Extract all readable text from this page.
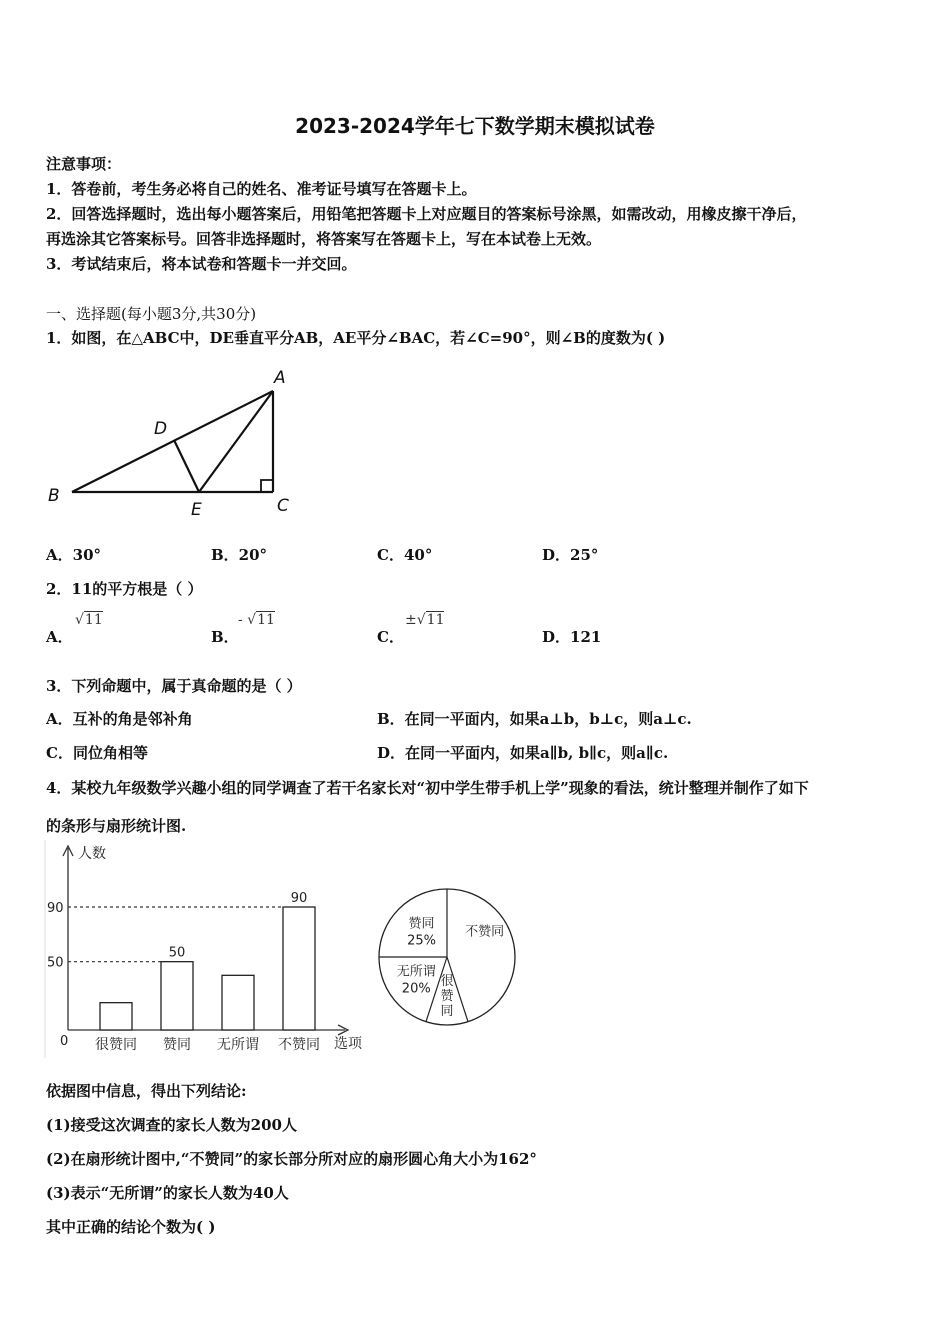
2023-2024学年七下数学期末模拟试卷
注意事项：
1．答卷前，考生务必将自己的姓名、准考证号填写在答题卡上。
2．回答选择题时，选出每小题答案后，用铅笔把答题卡上对应题目的答案标号涂黑，如需改动，用橡皮擦干净后，
再选涂其它答案标号。回答非选择题时，将答案写在答题卡上，写在本试卷上无效。
3．考试结束后，将本试卷和答题卡一并交回。
一、选择题(每小题3分,共30分)
1．如图，在△ABC中，DE垂直平分AB，AE平分∠BAC，若∠C=90°，则∠B的度数为( )
A
B	C
D
E
A．30°	B．20°	C．40°	D．25°
2．11的平方根是（ ）
A．
√11
B．
- √11
C．
±√11
D．121
3．下列命题中，属于真命题的是（ ）
A．互补的角是邻补角	B．在同一平面内，如果a⊥b，b⊥c，则a⊥c.
C．同位角相等	D．在同一平面内，如果a∥b, b∥c，则a∥c.
4．某校九年级数学兴趣小组的同学调查了若干名家长对“初中学生带手机上学”现象的看法，统计整理并制作了如下
的条形与扇形统计图.
人数
选项
0
50
90
很赞同 赞同
50
无所谓 不赞同
90
赞同
25%
不赞同
很赞同
无所谓
20%
依据图中信息，得出下列结论:
(1)接受这次调查的家长人数为200人
(2)在扇形统计图中,“不赞同”的家长部分所对应的扇形圆心角大小为162°
(3)表示“无所谓”的家长人数为40人
其中正确的结论个数为( )
